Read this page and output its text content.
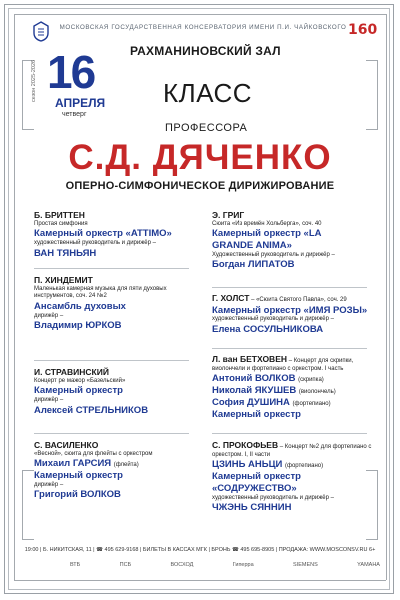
МОСКОВСКАЯ ГОСУДАРСТВЕННАЯ КОНСЕРВАТОРИЯ ИМЕНИ П.И. ЧАЙКОВСКОГО 160
сезон 2025-2026 16
АПРЕЛЯ
четверг
РАХМАНИНОВСКИЙ ЗАЛ
КЛАСС
ПРОФЕССОРА
С.Д. ДЯЧЕНКО
ОПЕРНО-СИМФОНИЧЕСКОЕ ДИРИЖИРОВАНИЕ
Б. БРИТТЕН
Простая симфония
Камерный оркестр «ATTIMO»
художественный руководитель и дирижёр –
ВАН ТЯНЬЯН
П. ХИНДЕМИТ
Маленькая камерная музыка для пяти духовых инструментов, соч. 24 №2
Ансамбль духовых
дирижёр –
Владимир ЮРКОВ
И. СТРАВИНСКИЙ
Концерт ре мажор «Базельский»
Камерный оркестр
дирижёр –
Алексей СТРЕЛЬНИКОВ
С. ВАСИЛЕНКО
«Весной», сюита для флейты с оркестром
Михаил ГАРСИЯ (флейта)
Камерный оркестр
дирижёр –
Григорий ВОЛКОВ
Э. ГРИГ
Сюита «Из времён Хольберга», соч. 40
Камерный оркестр «LA GRANDE ANIMA»
Художественный руководитель и дирижёр –
Богдан ЛИПАТОВ
Г. ХОЛСТ – «Сюита Святого Павла», соч. 29
Камерный оркестр «ИМЯ РОЗЫ»
художественный руководитель и дирижёр –
Елена СОСУЛЬНИКОВА
Л. ван БЕТХОВЕН – Концерт для скрипки, виолончели и фортепиано с оркестром. I часть
Антоний ВОЛКОВ (скрипка)
Николай ЯКУШЕВ (виолончель)
София ДУШИНА (фортепиано)
Камерный оркестр
С. ПРОКОФЬЕВ – Концерт №2 для фортепиано с оркестром. I, II части
ЦЗИНЬ АНЬЦИ (фортепиано)
Камерный оркестр «СОДРУЖЕСТВО»
художественный руководитель и дирижёр –
ЧЖЭНЬ СЯННИН
19:00 | Б. НИКИТСКАЯ, 11 | ☎ 495 629-9168 | БИЛЕТЫ В КАССАХ МГК | БРОНЬ ☎ 495 695-8905 | ПРОДАЖА: WWW.MOSCONSV.RU 6+
ВТБ	ПСБ	ВОСХОД	Гиперра	SIEMENS	YAMAHA
